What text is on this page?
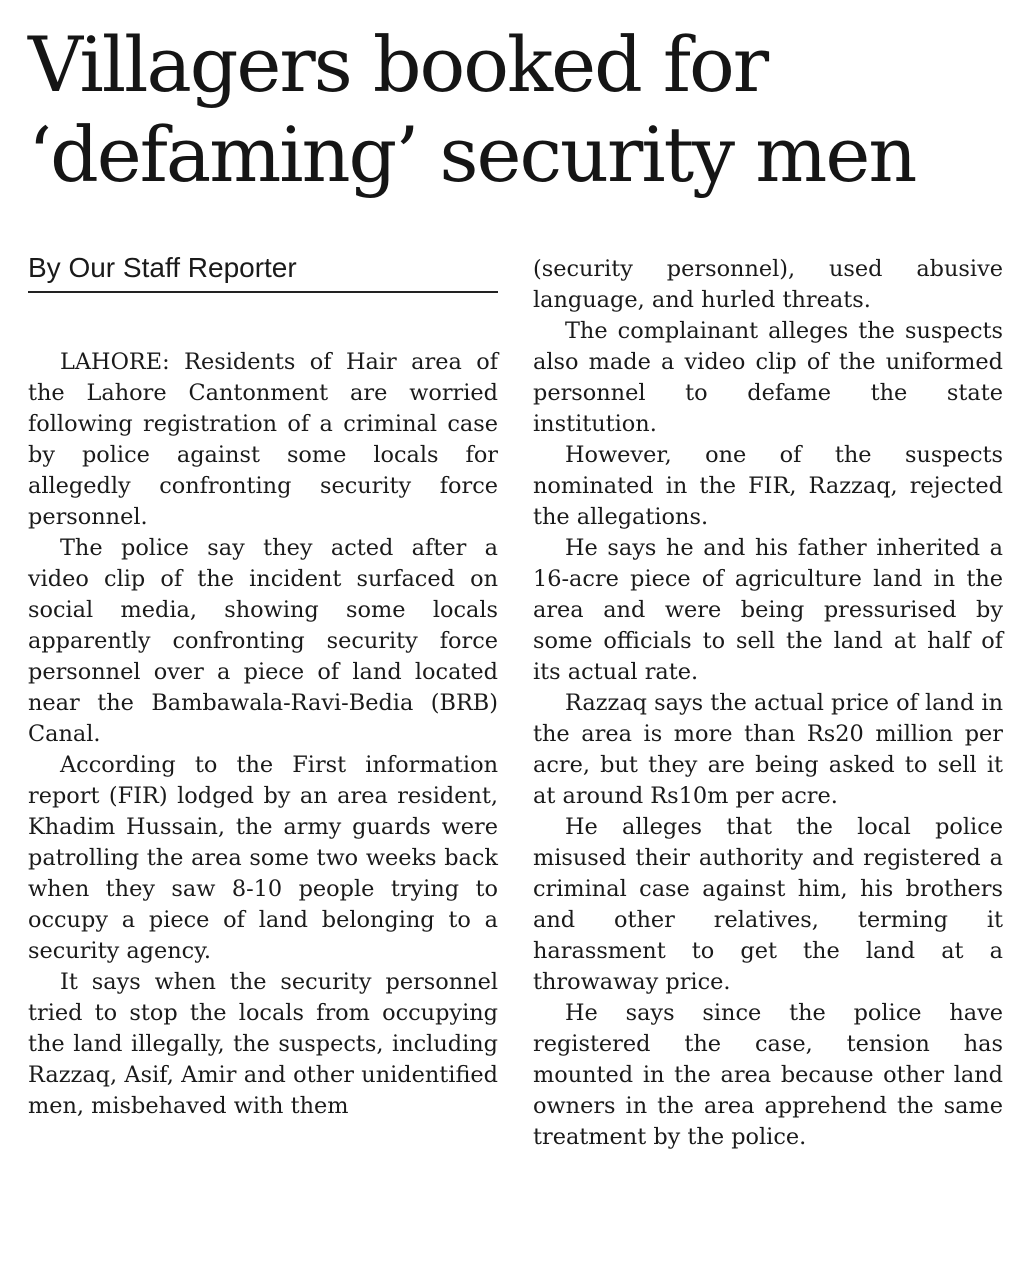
Villagers booked for
‘defaming’ security men
By Our Staff Reporter

LAHORE: Residents of Hair area of the Lahore Cantonment are worried following registration of a criminal case by police against some locals for allegedly confronting security force personnel.

The police say they acted after a video clip of the incident surfaced on social media, showing some locals apparently confronting security force personnel over a piece of land located near the Bambawala-Ravi-Bedia (BRB) Canal.

According to the First information report (FIR) lodged by an area resident, Khadim Hussain, the army guards were patrolling the area some two weeks back when they saw 8-10 people trying to occupy a piece of land belonging to a security agency.

It says when the security personnel tried to stop the locals from occupying the land illegally, the suspects, including Razzaq, Asif, Amir and other unidentified men, misbehaved with them

(security personnel), used abusive language, and hurled threats.

The complainant alleges the suspects also made a video clip of the uniformed personnel to defame the state institution.

However, one of the suspects nominated in the FIR, Razzaq, rejected the allegations.

He says he and his father inherited a 16-acre piece of agriculture land in the area and were being pressurised by some officials to sell the land at half of its actual rate.

Razzaq says the actual price of land in the area is more than Rs20 million per acre, but they are being asked to sell it at around Rs10m per acre.

He alleges that the local police misused their authority and registered a criminal case against him, his brothers and other relatives, terming it harassment to get the land at a throwaway price.

He says since the police have registered the case, tension has mounted in the area because other land owners in the area apprehend the same treatment by the police.
